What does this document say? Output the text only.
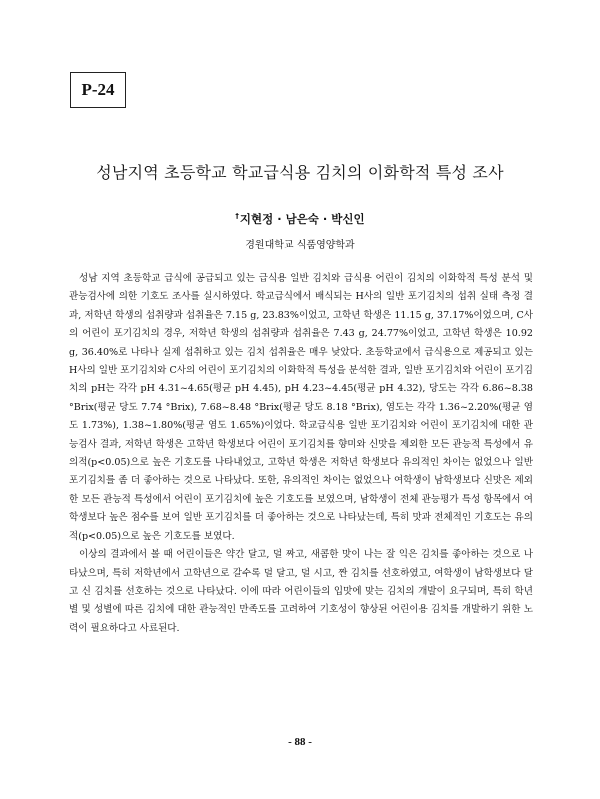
P-24
성남지역 초등학교 학교급식용 김치의 이화학적 특성 조사
†지현정 · 남은숙 · 박신인
경원대학교 식품영양학과

성남 지역 초등학교 급식에 공급되고 있는 급식용 일반 김치와 급식용 어린이 김치의 이화학적 특성 분석 및 관능검사에 의한 기호도 조사를 실시하였다. 학교급식에서 배식되는 H사의 일반 포기김치의 섭취 실태 측정 결과, 저학년 학생의 섭취량과 섭취율은 7.15 g, 23.83%이었고, 고학년 학생은 11.15 g, 37.17%이었으며, C사의 어린이 포기김치의 경우, 저학년 학생의 섭취량과 섭취율은 7.43 g, 24.77%이었고, 고학년 학생은 10.92 g, 36.40%로 나타나 실제 섭취하고 있는 김치 섭취율은 매우 낮았다. 초등학교에서 급식용으로 제공되고 있는 H사의 일반 포기김치와 C사의 어린이 포기김치의 이화학적 특성을 분석한 결과, 일반 포기김치와 어린이 포기김치의 pH는 각각 pH 4.31~4.65(평균 pH 4.45), pH 4.23~4.45(평균 pH 4.32), 당도는 각각 6.86~8.38 °Brix(평균 당도 7.74 °Brix), 7.68~8.48 °Brix(평균 당도 8.18 °Brix), 염도는 각각 1.36~2.20%(평균 염도 1.73%), 1.38~1.80%(평균 염도 1.65%)이었다. 학교급식용 일반 포기김치와 어린이 포기김치에 대한 관능검사 결과, 저학년 학생은 고학년 학생보다 어린이 포기김치를 향미와 신맛을 제외한 모든 관능적 특성에서 유의적(p<0.05)으로 높은 기호도를 나타내었고, 고학년 학생은 저학년 학생보다 유의적인 차이는 없었으나 일반 포기김치를 좀 더 좋아하는 것으로 나타났다. 또한, 유의적인 차이는 없었으나 여학생이 남학생보다 신맛은 제외한 모든 관능적 특성에서 어린이 포기김치에 높은 기호도를 보였으며, 남학생이 전체 관능평가 특성 항목에서 여학생보다 높은 점수를 보여 일반 포기김치를 더 좋아하는 것으로 나타났는데, 특히 맛과 전체적인 기호도는 유의적(p<0.05)으로 높은 기호도를 보였다.

이상의 결과에서 볼 때 어린이들은 약간 달고, 덜 짜고, 새콤한 맛이 나는 잘 익은 김치를 좋아하는 것으로 나타났으며, 특히 저학년에서 고학년으로 갈수록 덜 달고, 덜 시고, 짠 김치를 선호하였고, 여학생이 남학생보다 달고 신 김치를 선호하는 것으로 나타났다. 이에 따라 어린이들의 입맛에 맞는 김치의 개발이 요구되며, 특히 학년별 및 성별에 따른 김치에 대한 관능적인 만족도를 고려하여 기호성이 향상된 어린이용 김치를 개발하기 위한 노력이 필요하다고 사료된다.

- 88 -
